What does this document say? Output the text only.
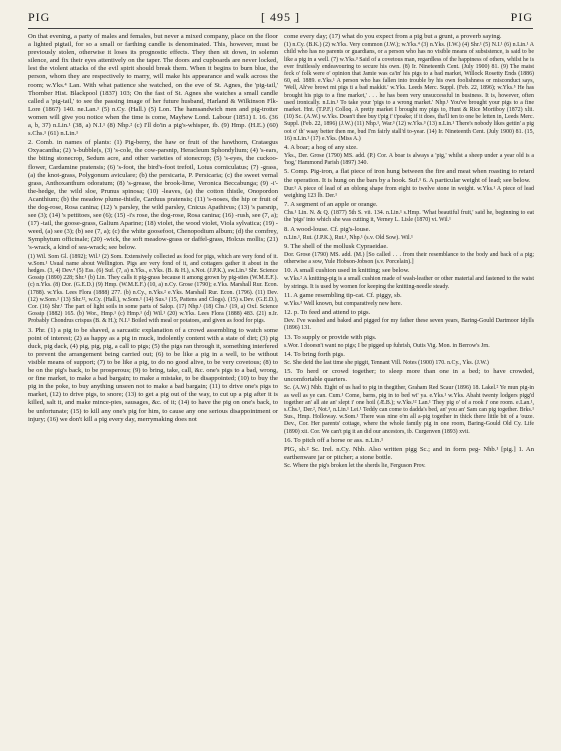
PIG	[ 495 ]	PIG

On that evening, a party of males and females, but never a mixed company, place on the floor a lighted pigtail, for so a small or farthing candle is denominated. This, however, must be previously stolen, otherwise it loses its prognostic effects. They then sit down, in solemn silence, and fix their eyes attentively on the taper. The doors and cupboards are never locked, lest the violent attacks of the evil spirit should break them. When it begins to burn blue, the person, whom they are respectively to marry, will make his appearance and walk across the room; w.Yks.⁴ Lan. With what patience she watched, on the eve of St. Agnes, the 'pig-tail,' Thornber Hist. Blackpool (1837) 103; On the fast of St. Agnes she watches a small candle called a 'pig-tail,' to see the passing image of her future husband, Harland & Wilkinson Flk-Lore (1867) 140. ne.Lan.¹ (5) n.Cy. (Hall.) (5) Lon. The hamsandwich men and pig-trotter women will give you notice when the time is come, Mayhew Lond. Labour (1851) I. 16. (36 a, b, 37) n.Lin.¹ (38, a) N.I.¹ (8) Nhp.² (c) I'll do'in a pig's-whisper, ib. (9) Hmp. (H.E.) (60) s.Chs.¹ (61) n.Lin.¹

2. Comb. in names of plants: (1) Pig-berry, the haw or fruit of the hawthorn, Crataegus Oxyacantha; (2) 's-bubble(s, (3) 's-cole, the cow-parsnip, Heracleum Sphondylium; (4) 's-ears, the biting stonecrop, Sedum acre, and other varieties of stonecrop; (5) 's-eyes, the cuckoo-flower, Cardamine pratensis; (6) 's-foot, the bird's-foot trefoil, Lotus corniculatus; (7) -grass, (a) the knot-grass, Polygonum aviculare; (b) the persicaria, P. Persicaria; (c) the sweet vernal grass, Anthoxanthum odoratum; (8) 's-grease, the brook-lime, Veronica Beccabunga; (9) -i'-the-hedge, the wild sloe, Prunus spinosa; (10) -leaves, (a) the cotton thistle, Onopordon Acanthium; (b) the meadow plume-thistle, Carduus pratensis; (11) 's-noses, the hip or fruit of the dog-rose, Rosa canina; (12) 's parsley, the wild parsley, Cnicus Apathivus; (13) 's parsnip, see (3); (14) 's pettitoes, see (6); (15) -i's rose, the dog-rose, Rosa canina; (16) -rush, see (7, a); (17) -tail, the goose-grass, Galium Aparine; (18) violet, the wood violet, Viola sylvatica; (19) -weed, (a) see (3); (b) see (7, a); (c) the white goosefoot, Chenopodium album; (d) the comfrey, Symphytum officinale; (20) -wick, the soft meadow-grass or daffel-grass, Holcus mollis; (21) 's-wrack, a kind of sea-wrack; see below.

(1) Wil. Som Gl. (1892); Wil.¹ (2) Som. Extensively collected as food for pigs, which are very fond of it. w.Som.¹ Usual name about Wellington. Pigs are very fond of it, and cottagers gather it about in the hedges. (3, 4) Dev.⁴ (5) Ess. (6) Suf. (7, a) n.Yks., e.Yks. (B. & H.), s.Not. (J.P.K.), sw.Lin.¹ Shr. Science Gossip (1890) 228; Shr.¹ (b) Lin. They calls it pig-grass because it among grown by pig-sties (W.M.E.F.). (c) n.Yks. (8) Dor. (G.E.D.) (9) Hmp. (W.M.E.F.) (10, a) n.Cy. Grose (1790); e.Yks. Marshall Rur. Econ. (1788). w.Yks. Lees Flora (1888) 277. (b) n.Cy., n.Yks.² e.Yks. Marshall Rur. Econ. (1796). (11) Dev. (12) w.Som.¹ (13) Shr.¹², w.Cy. (Hall.), w.Som.¹ (14) Sus.¹ (15, Pattens and Clogs). (15) s.Dev. (G.E.D.), Cor. (16) Shr.¹ The part of light soils in some parts of Salop. (17) Nhp.¹ (18) Chs.¹ (19, a) Oxf. Science Gossip (1882) 165. (b) Wor., Hmp.¹ (c) Hmp.¹ (d) Wil.¹ (20) w.Yks. Lees Flora (1888) 483. (21) n.Ir. Probably Chondrus crispus (B. & H.); N.I.¹ Boiled with meal or potatoes, and given as food for pigs.

3. Phr. (1) a pig to be shaved, a sarcastic explanation of a crowd assembling to watch some point of interest; (2) as happy as a pig in muck, indolently content with a state of dirt; (3) pig duck, pig dack, (4) pig, pig, pig, a call to pigs; (5) the pigs ran through it, something interfered to prevent the arrangement being carried out; (6) to be like a pig in a well, to be without visible means of support; (7) to be like a pig, to do no good alive, to be very covetous; (8) to be on the pig's back, to be prosperous; (9) to bring, take, call, &c. one's pigs to a bad, wrong, or fine market, to make a bad bargain; to make a mistake, to be disappointed; (10) to buy the pig in the poke, to buy anything unseen not to make a bad bargain; (11) to drive one's pigs to market, (12) to drive pigs, to snore; (13) to get a pig out of the way, to cut up a pig after it is killed, salt it, and make mince-pies, sausages, &c. of it; (14) to have the pig on one's back, to be unfortunate; (15) to kill any one's pig for him, to cause any one serious disappointment or injury; (16) we don't kill a pig every day, merrymaking does not

come every day; (17) what do you expect from a pig but a grunt, a proverb saying.

(1) n.Cy. (B.K.) (2) w.Yks. Very common (J.W.); w.Yks.⁴ (3) n.Yks. (I.W.) (4) Shr.¹ (5) N.I.¹ (6) n.Lin.¹ A child who has no parents or guardians, or a person who has no visible means of subsistence, is said to be like a pig in a well. (7) w.Yks.³ Said of a covetous man, regardless of the happiness of others, whilst he is ever fruitlessly endeavouring to secure his own. (8) Ir. Nineteenth Cent. (July 1900) 81. (9) The maist feck o' folk were o' opinion that Jamie was ca'in' his pigs to a bad market, Willock Rosetty Ends (1886) 60, ed. 1889. e.Yks.¹ A person who has fallen into trouble by his own foolishness or misconduct says, 'Well, Ah've browt mi pigs ti a bad makkit.' w.Yks. Leeds Merc. Suppl. (Feb. 22, 1896); w.Yks.⁵ He has brought his pigs to a fine market,' . . . he has been very unsuccessful in business. It is, however, often used ironically. n.Lin.¹ To take your 'pigs to a wrong market.' Nhp.¹ You've brought your pigs to a fine market. Hnt. (T.P.F.) Colloq. A pretty market I brought my pigs to, Hunt & Rice Mortiboy (1872) xlii. (10) Sc. (A.W.) w.Yks. Doan't thee buy t'pig i' t'poake; if it does, tha'll ten to one be letten in, Leeds Merc. Suppl. (Feb. 22, 1896) (J.W.) (11) Nhp.¹, War.³ (12) w.Yks.³ (13) n.Lin.¹ There's nobody likes gettin' a pig oot o' th' waay better then me, bud I'm fairly stall'd to-year. (14) Ir. Nineteenth Cent. (July 1900) 81. (15, 16) n.Lin.¹ (17) e.Yks. (Miss A.)

4. A boar; a hog of any size.

Yks., Der. Grose (1790) MS. add. (P.) Cor. A boar is always a 'pig,' whilst a sheep under a year old is a 'hog,' Hammond Parish (1897) 340.

5. Comp. Pig-iron, a flat piece of iron hung between the fire and meat when roasting to retard the operation. It is hung on the bars by a hook. Suf.¹ 6. A particular weight of lead; see below.

Dur.¹ A piece of lead of an oblong shape from eight to twelve stone in weight. w.Yks.¹ A piece of lead weighing 123 lb. Der.¹

7. A segment of an apple or orange.

Chs.¹ Lin. N. & Q. (1877) 5th S. vii. 134. n.Lin.¹ s.Hmp. 'What beautiful fruit,' said he, beginning to eat the 'pigs' into which she was cutting it, Verney L. Lisle (1870) vi. Wil.¹

8. A wood-louse. Cf. pig's-louse.

n.Lin.¹, Rut. (J.P.K.), Rut.¹, Nhp.¹ (s.v. Old Sow). Wil.¹

9. The shell of the mollusk Cypraeidae.

Dor. Grose (1790) MS. add. (M.) [So called . . . from their resemblance to the body and back of a pig; otherwise a sow, Yule Hobson-Jobson (s.v. Porcelain).]

10. A small cushion used in knitting; see below.

w.Yks.² A knitting-pig is a small cushion made of wash-leather or other material and fastened to the waist by strings. It is used by women for keeping the knitting-needle steady.

11. A game resembling tip-cat. Cf. piggy, sb.

w.Yks.³ Well known, but comparatively new here.

12. p. To feed and attend to pigs.

Dev. I've washed and baked and pigged for my father these seven years, Baring-Gould Dartmoor Idylls (1896) 131.

13. To supply or provide with pigs.

s.Wor. I dooesn't want no pigs; I be pigged up fuhrish, Outis Vig. Mon. in Berrow's Jrn.

14. To bring forth pigs.

Sc. She deid the last time she piggit, Tennant Vill. Notes (1900) 170. n.Cy., Yks. (J.W.)

15. To herd or crowd together; to sleep more than one in a bed; to have crowded, uncomfortable quarters.

Sc. (A.W.) Nhb. Eight of us had to pig in thegither, Graham Red Scaur (1896) 18. Lakel.² Ye mun pig-in as well as ye can. Cum.¹ Come, barns, pig in to bed wi' ya. e.Yks.¹ w.Yks. Abaht twenty lodgers pigg'd together an' all ate an' slept i' one hoil (Æ.B.); w.Yks.¹² Lan.¹ They pig o' of a rook i' one room. e.Lan.¹, s.Chs.¹, Der.², Not.³, n.Lin.¹ Lei.¹ Teddy can come to dadda's bed, an' you an' Sam can pig together. Brks.¹ Sus., Hmp. Holloway. w.Som.¹ There was nine o'm all a-pig together in thick there little bit of a 'ouze. Dev., Cor. Her parents' cottage, where the whole family pig in one room, Baring-Gould Old Cy. Life (1890) xii. Cor. We can't pig it an did our ancestors, ib. Curgenven (1893) xvii.

16. To pitch off a horse or ass. n.Lin.¹

PIG, sb.² Sc. Irel. n.Cy. Nhb. Also written pigg Sc.; and in form peg- Nhb.¹ [pig.] 1. An earthenware jar or pitcher; a stone bottle.

Sc. Where the pig's broken let the sherds lie, Ferguson Prov.
